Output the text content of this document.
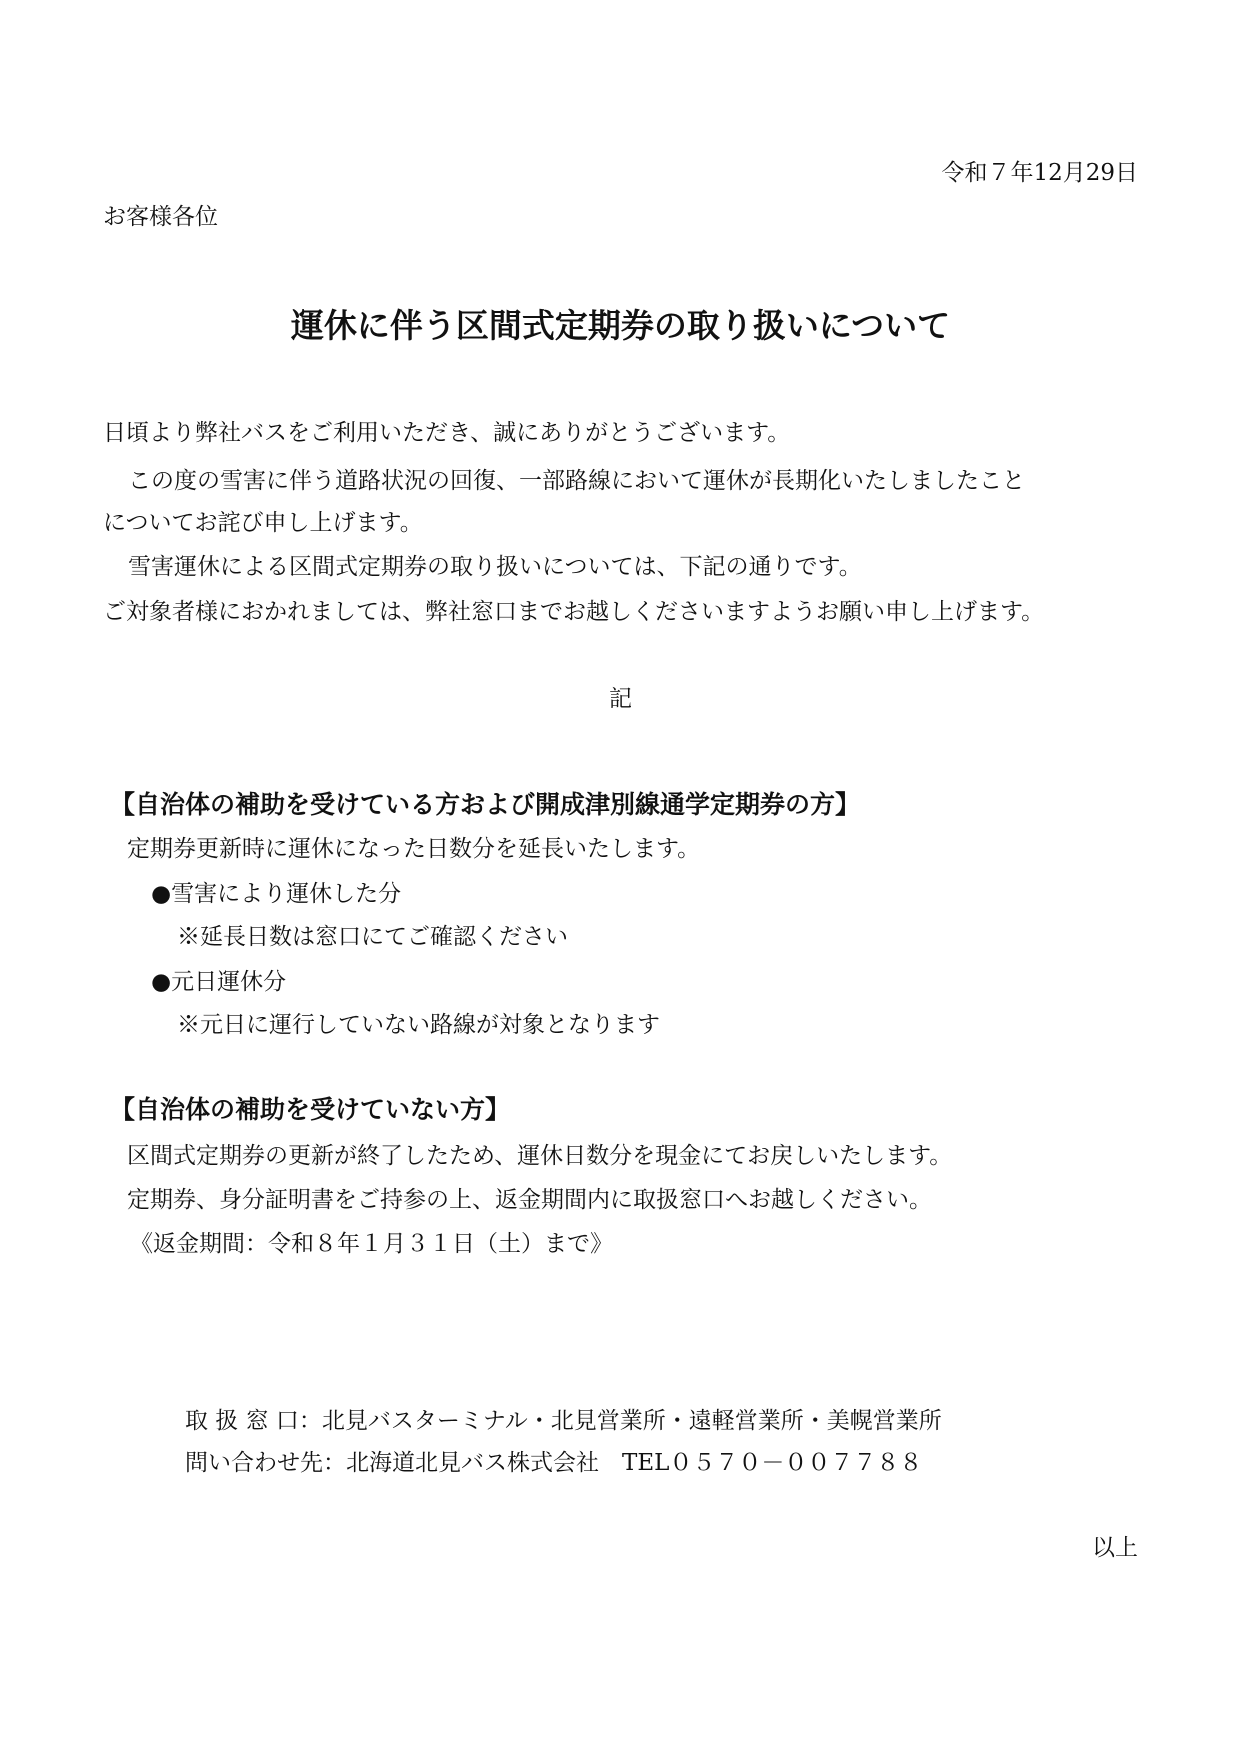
令和７年12月29日
お客様各位
運休に伴う区間式定期券の取り扱いについて
日頃より弊社バスをご利用いただき、誠にありがとうございます。
この度の雪害に伴う道路状況の回復、一部路線において運休が長期化いたしましたこと
についてお詫び申し上げます。
雪害運休による区間式定期券の取り扱いについては、下記の通りです。
ご対象者様におかれましては、弊社窓口までお越しくださいますようお願い申し上げます。
記
【自治体の補助を受けている方および開成津別線通学定期券の方】
定期券更新時に運休になった日数分を延長いたします。
●雪害により運休した分
※延長日数は窓口にてご確認ください
●元日運休分
※元日に運行していない路線が対象となります
【自治体の補助を受けていない方】
区間式定期券の更新が終了したため、運休日数分を現金にてお戻しいたします。
定期券、身分証明書をご持参の上、返金期間内に取扱窓口へお越しください。
《返金期間：令和８年１月３１日（土）まで》
取 扱 窓 口：北見バスターミナル・北見営業所・遠軽営業所・美幌営業所
問い合わせ先：北海道北見バス株式会社　TEL０５７０－００７７８８
以上
